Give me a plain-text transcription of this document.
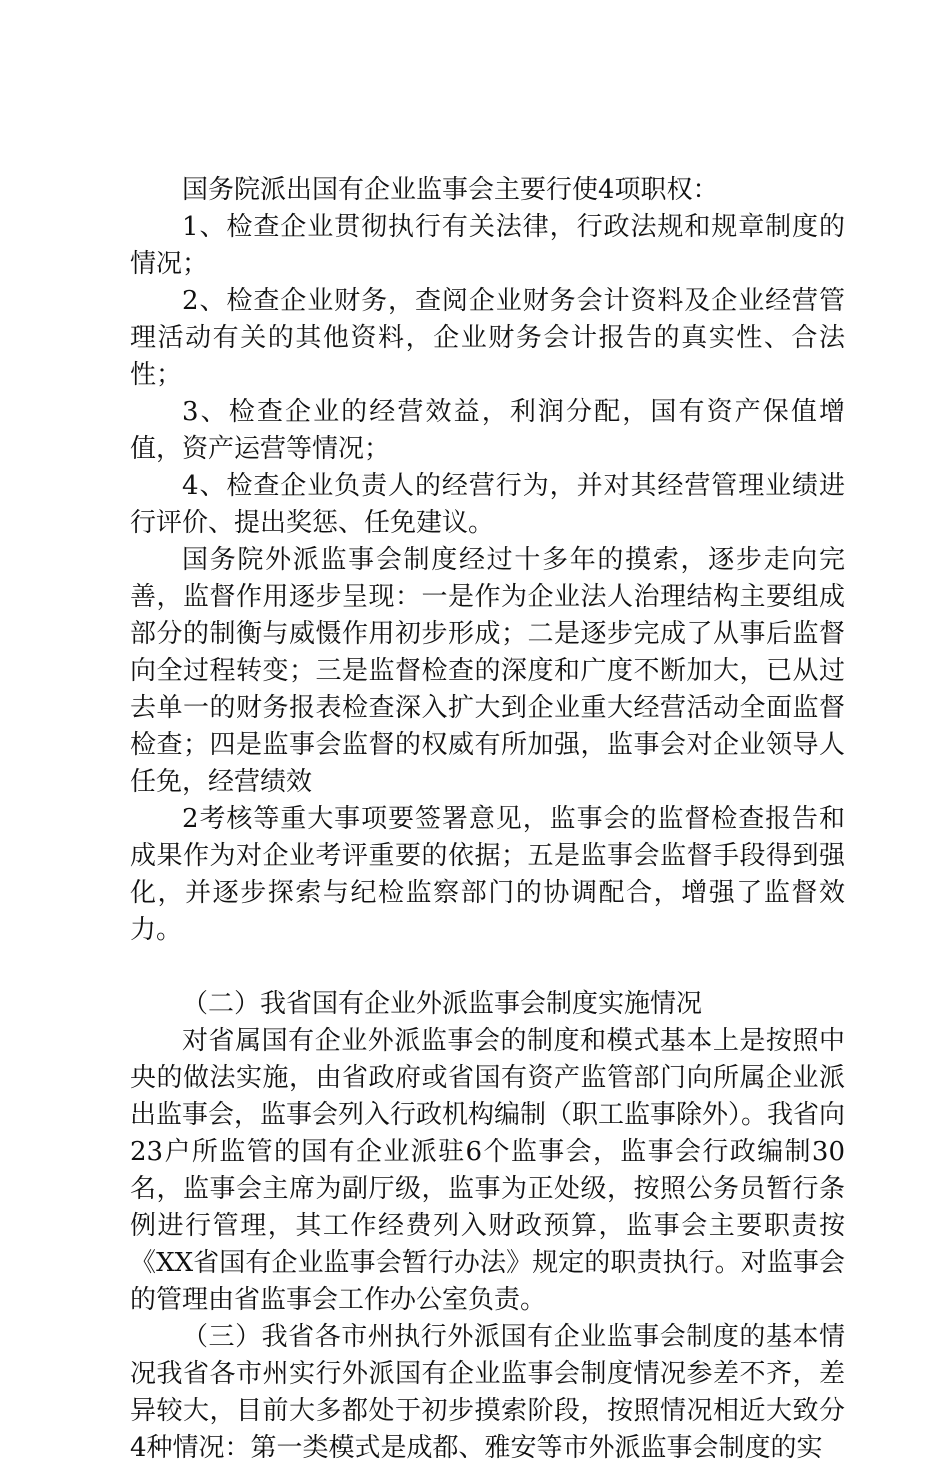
国务院派出国有企业监事会主要行使4项职权：

1、检查企业贯彻执行有关法律，行政法规和规章制度的情况；

2、检查企业财务，查阅企业财务会计资料及企业经营管理活动有关的其他资料，企业财务会计报告的真实性、合法性；

3、检查企业的经营效益，利润分配，国有资产保值增值，资产运营等情况；

4、检查企业负责人的经营行为，并对其经营管理业绩进行评价、提出奖惩、任免建议。

国务院外派监事会制度经过十多年的摸索，逐步走向完善，监督作用逐步呈现：一是作为企业法人治理结构主要组成部分的制衡与威慑作用初步形成；二是逐步完成了从事后监督向全过程转变；三是监督检查的深度和广度不断加大，已从过去单一的财务报表检查深入扩大到企业重大经营活动全面监督检查；四是监事会监督的权威有所加强，监事会对企业领导人任免，经营绩效

2考核等重大事项要签署意见，监事会的监督检查报告和成果作为对企业考评重要的依据；五是监事会监督手段得到强化，并逐步探索与纪检监察部门的协调配合，增强了监督效力。

（二）我省国有企业外派监事会制度实施情况

对省属国有企业外派监事会的制度和模式基本上是按照中央的做法实施，由省政府或省国有资产监管部门向所属企业派出监事会，监事会列入行政机构编制（职工监事除外）。我省向23户所监管的国有企业派驻6个监事会，监事会行政编制30名，监事会主席为副厅级，监事为正处级，按照公务员暂行条例进行管理，其工作经费列入财政预算，监事会主要职责按《XX省国有企业监事会暂行办法》规定的职责执行。对监事会的管理由省监事会工作办公室负责。

（三）我省各市州执行外派国有企业监事会制度的基本情况我省各市州实行外派国有企业监事会制度情况参差不齐，差异较大，目前大多都处于初步摸索阶段，按照情况相近大致分4种情况：第一类模式是成都、雅安等市外派监事会制度的实
